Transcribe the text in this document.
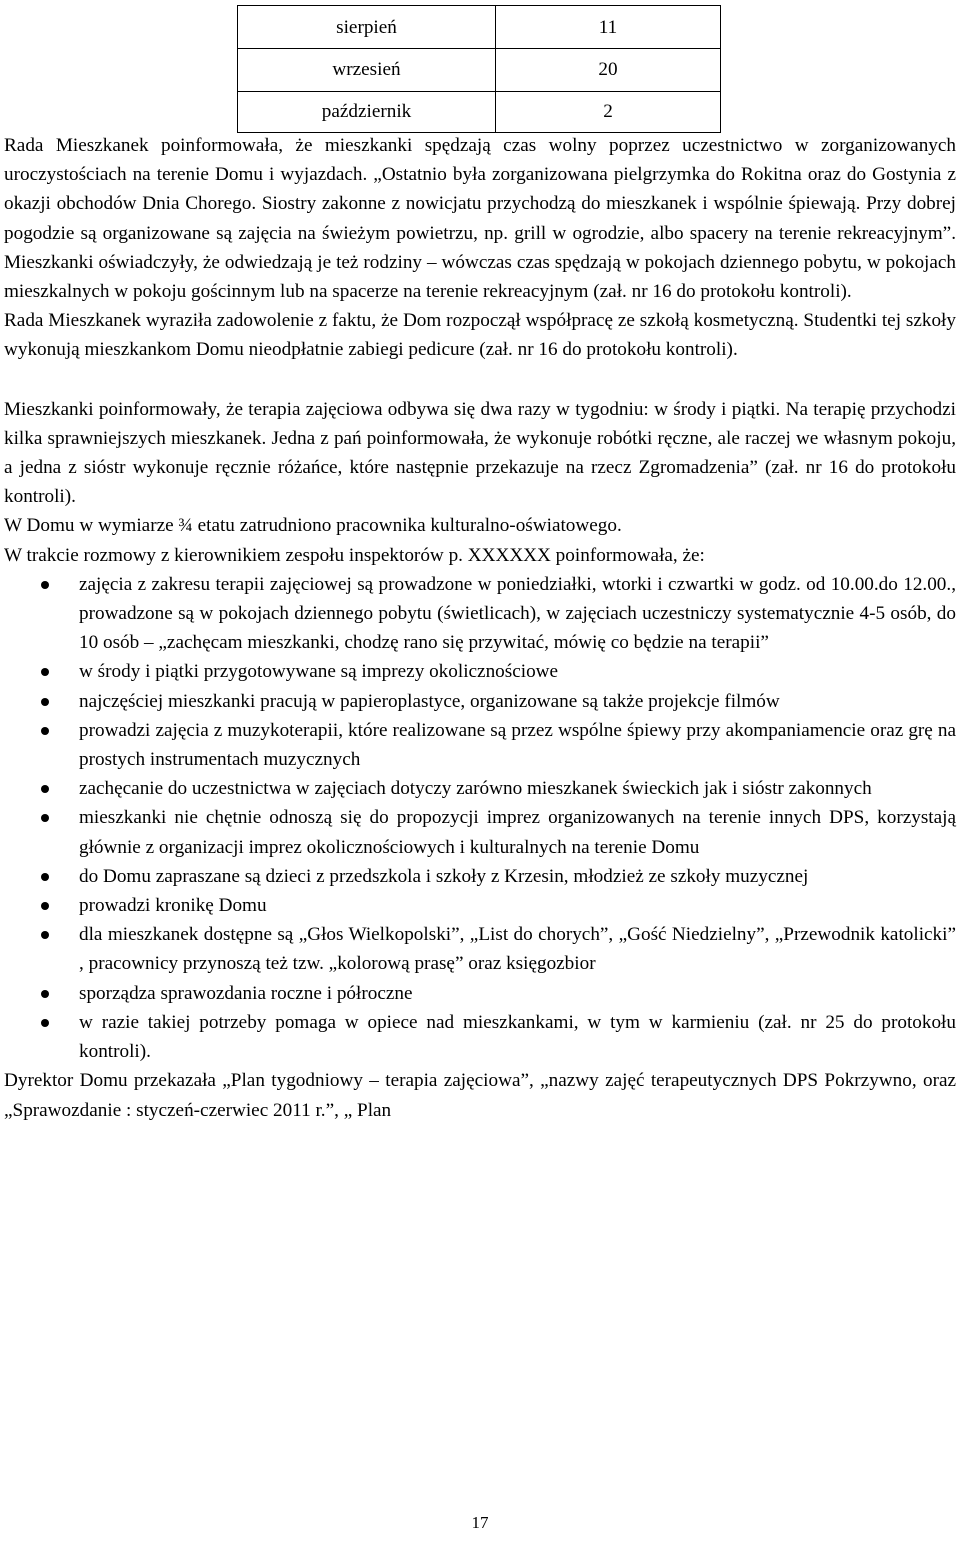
sierpień	11
wrzesień	20
październik	2

Rada Mieszkanek poinformowała, że mieszkanki spędzają czas wolny poprzez uczestnictwo w zorganizowanych uroczystościach na terenie Domu i wyjazdach. „Ostatnio była zorganizowana pielgrzymka do Rokitna oraz do Gostynia z okazji obchodów Dnia Chorego. Siostry zakonne z nowicjatu przychodzą do mieszkanek i wspólnie śpiewają. Przy dobrej pogodzie są organizowane są zajęcia na świeżym powietrzu, np. grill w ogrodzie, albo spacery na terenie rekreacyjnym”. Mieszkanki oświadczyły, że odwiedzają je też rodziny – wówczas czas spędzają w pokojach dziennego pobytu, w pokojach mieszkalnych w pokoju gościnnym lub na spacerze na terenie rekreacyjnym (zał. nr 16 do protokołu kontroli).

Rada Mieszkanek wyraziła zadowolenie z faktu, że Dom rozpoczął współpracę ze szkołą kosmetyczną. Studentki tej szkoły wykonują mieszkankom Domu nieodpłatnie zabiegi pedicure (zał. nr 16 do protokołu kontroli).

Mieszkanki poinformowały, że terapia zajęciowa odbywa się dwa razy w tygodniu: w środy i piątki. Na terapię przychodzi kilka sprawniejszych mieszkanek. Jedna z pań poinformowała, że wykonuje robótki ręczne, ale raczej we własnym pokoju, a jedna z sióstr wykonuje ręcznie różańce, które następnie przekazuje na rzecz Zgromadzenia” (zał. nr 16 do protokołu kontroli).

W Domu w wymiarze ¾ etatu zatrudniono pracownika kulturalno-oświatowego.

W trakcie rozmowy z kierownikiem zespołu inspektorów p. XXXXXX poinformowała, że:

zajęcia z zakresu terapii zajęciowej są prowadzone w poniedziałki, wtorki i czwartki w godz. od 10.00.do 12.00., prowadzone są w pokojach dziennego pobytu (świetlicach), w zajęciach uczestniczy systematycznie 4-5 osób, do 10 osób – „zachęcam mieszkanki, chodzę rano się przywitać, mówię co będzie na terapii”
w środy i piątki przygotowywane są imprezy okolicznościowe
najczęściej mieszkanki pracują w papieroplastyce, organizowane są także projekcje filmów
prowadzi zajęcia z muzykoterapii, które realizowane są przez wspólne śpiewy przy akompaniamencie oraz grę na prostych instrumentach muzycznych
zachęcanie do uczestnictwa w zajęciach dotyczy zarówno mieszkanek świeckich jak i sióstr zakonnych
mieszkanki nie chętnie odnoszą się do propozycji imprez organizowanych na terenie innych DPS, korzystają głównie z organizacji imprez okolicznościowych i kulturalnych na terenie Domu
do Domu zapraszane są dzieci z przedszkola i szkoły z Krzesin, młodzież ze szkoły muzycznej
prowadzi kronikę Domu
dla mieszkanek dostępne są „Głos Wielkopolski”, „List do chorych”, „Gość Niedzielny”, „Przewodnik katolicki” , pracownicy przynoszą też tzw. „kolorową prasę” oraz księgozbior
sporządza sprawozdania roczne i półroczne
w razie takiej potrzeby pomaga w opiece nad mieszkankami, w tym w karmieniu (zał. nr 25 do protokołu kontroli).

Dyrektor Domu przekazała „Plan tygodniowy – terapia zajęciowa”, „nazwy zajęć terapeutycznych DPS Pokrzywno, oraz „Sprawozdanie : styczeń-czerwiec 2011 r.”, „ Plan

17
